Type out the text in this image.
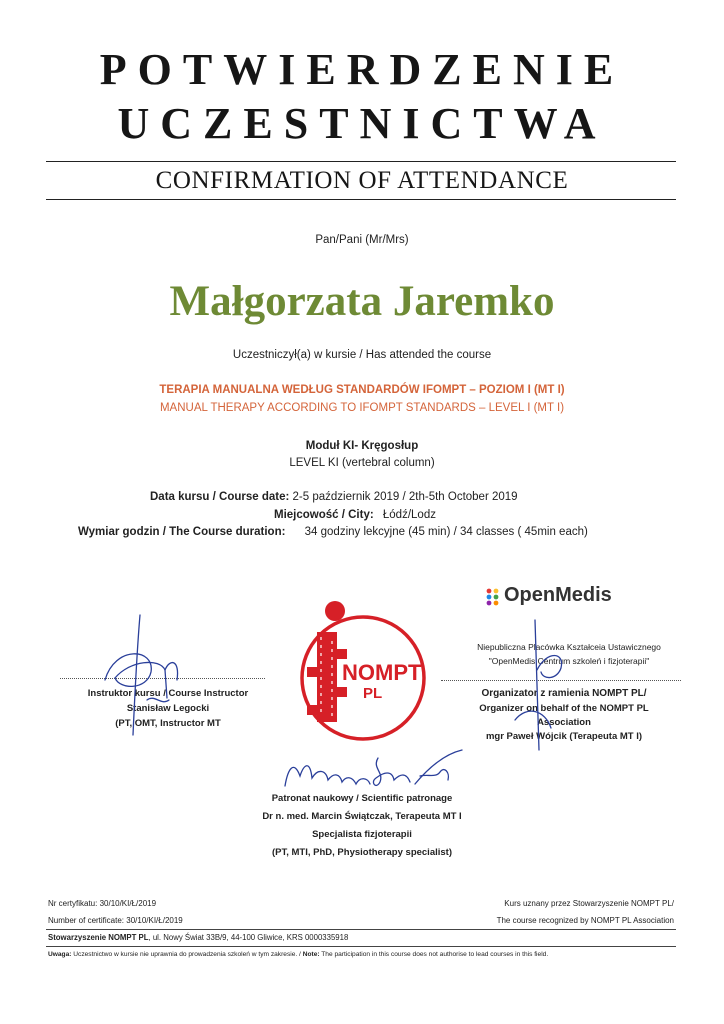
POTWIERDZENIE
UCZESTNICTWA
CONFIRMATION OF ATTENDANCE
Pan/Pani (Mr/Mrs)
Małgorzata Jaremko
Uczestniczył(a) w kursie / Has attended the course
TERAPIA MANUALNA WEDŁUG STANDARDÓW IFOMPT – POZIOM I (MT I)
MANUAL THERAPY ACCORDING TO IFOMPT STANDARDS – LEVEL I (MT I)
Moduł KI- Kręgosłup
LEVEL KI (vertebral column)
Data kursu / Course date: 2-5 październik 2019 / 2th-5th October 2019
Miejcowość / City: Łódź/Lodz
Wymiar godzin / The Course duration: 34 godziny lekcyjne (45 min) / 34 classes ( 45min each)
OpenMedis
Niepubliczna Placówka Kształceia Ustawicznego
"OpenMedis Centrum szkoleń i fizjoterapii"
Instruktor kursu / Course Instructor
Stanisław Legocki
(PT, OMT, Instructor MT
Organizator z ramienia NOMPT PL/
Organizer on behalf of the NOMPT PL
Association
mgr Paweł Wójcik (Terapeuta MT I)
NOMPT
PL
Patronat naukowy / Scientific patronage
Dr n. med. Marcin Świątczak, Terapeuta MT I
Specjalista fizjoterapii
(PT, MTI, PhD, Physiotherapy specialist)
Nr certyfikatu: 30/10/KI/Ł/2019
Number of certificate: 30/10/KI/Ł/2019
Kurs uznany przez Stowarzyszenie NOMPT PL/
The course recognized by NOMPT PL Association
Stowarzyszenie NOMPT PL, ul. Nowy Świat 33B/9, 44-100 Gliwice, KRS 0000335918
Uwaga: Uczestnictwo w kursie nie uprawnia do prowadzenia szkoleń w tym zakresie. / Note: The participation in this course does not authorise to lead courses in this field.
